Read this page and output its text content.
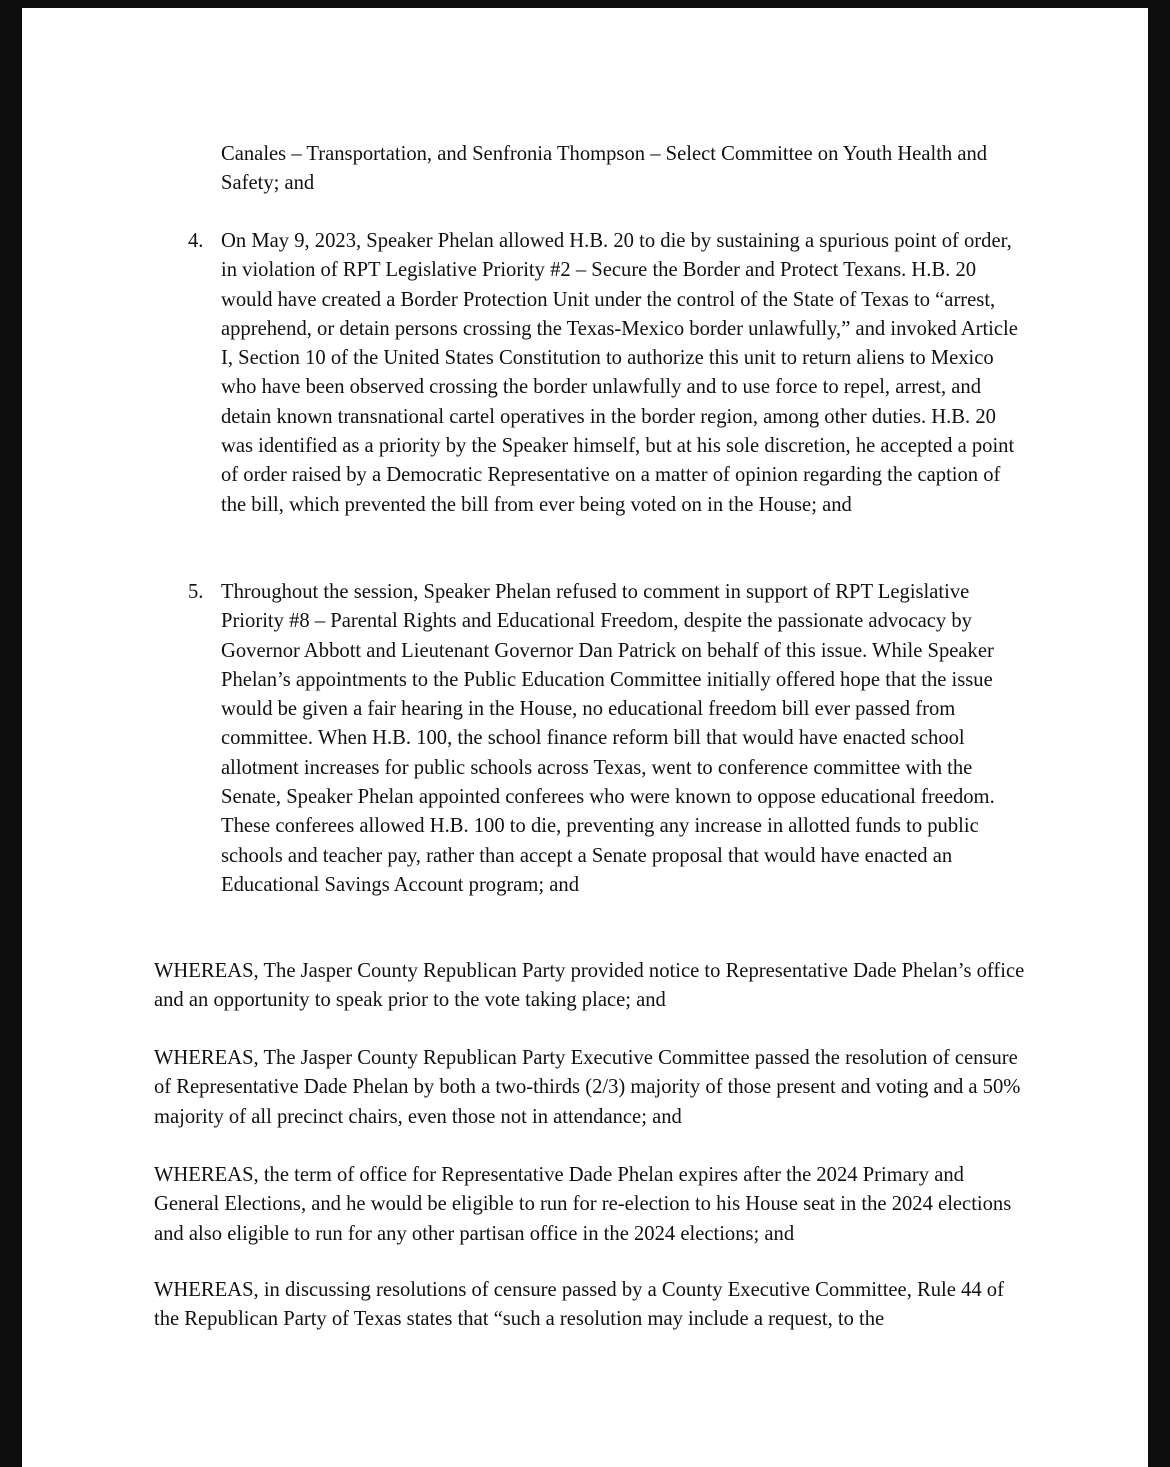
Canales – Transportation, and Senfronia Thompson – Select Committee on Youth Health and Safety; and

4. On May 9, 2023, Speaker Phelan allowed H.B. 20 to die by sustaining a spurious point of order, in violation of RPT Legislative Priority #2 – Secure the Border and Protect Texans. H.B. 20 would have created a Border Protection Unit under the control of the State of Texas to “arrest, apprehend, or detain persons crossing the Texas-Mexico border unlawfully,” and invoked Article I, Section 10 of the United States Constitution to authorize this unit to return aliens to Mexico who have been observed crossing the border unlawfully and to use force to repel, arrest, and detain known transnational cartel operatives in the border region, among other duties. H.B. 20 was identified as a priority by the Speaker himself, but at his sole discretion, he accepted a point of order raised by a Democratic Representative on a matter of opinion regarding the caption of the bill, which prevented the bill from ever being voted on in the House; and
5. Throughout the session, Speaker Phelan refused to comment in support of RPT Legislative Priority #8 – Parental Rights and Educational Freedom, despite the passionate advocacy by Governor Abbott and Lieutenant Governor Dan Patrick on behalf of this issue. While Speaker Phelan’s appointments to the Public Education Committee initially offered hope that the issue would be given a fair hearing in the House, no educational freedom bill ever passed from committee. When H.B. 100, the school finance reform bill that would have enacted school allotment increases for public schools across Texas, went to conference committee with the Senate, Speaker Phelan appointed conferees who were known to oppose educational freedom. These conferees allowed H.B. 100 to die, preventing any increase in allotted funds to public schools and teacher pay, rather than accept a Senate proposal that would have enacted an Educational Savings Account program; and

WHEREAS, The Jasper County Republican Party provided notice to Representative Dade Phelan’s office and an opportunity to speak prior to the vote taking place; and

WHEREAS, The Jasper County Republican Party Executive Committee passed the resolution of censure of Representative Dade Phelan by both a two-thirds (2/3) majority of those present and voting and a 50% majority of all precinct chairs, even those not in attendance; and

WHEREAS, the term of office for Representative Dade Phelan expires after the 2024 Primary and General Elections, and he would be eligible to run for re-election to his House seat in the 2024 elections and also eligible to run for any other partisan office in the 2024 elections; and

WHEREAS, in discussing resolutions of censure passed by a County Executive Committee, Rule 44 of the Republican Party of Texas states that “such a resolution may include a request, to the
